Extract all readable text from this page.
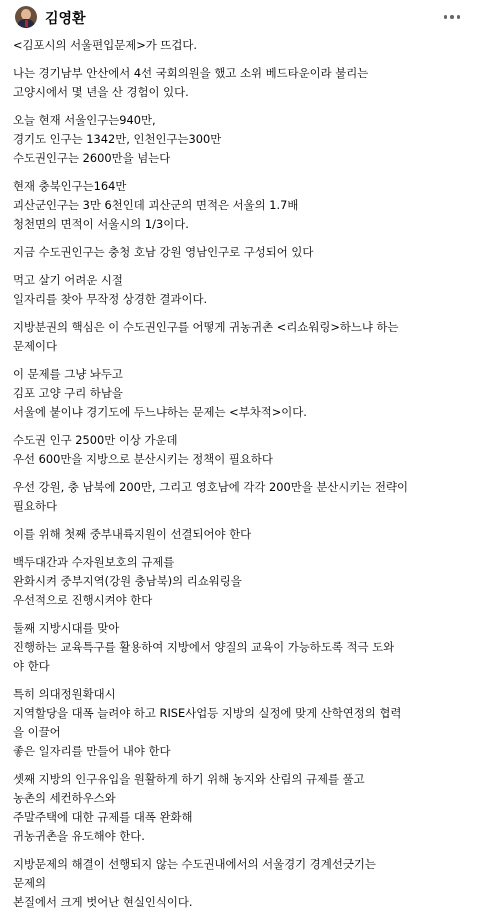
김영환
<김포시의 서울편입문제>가 뜨겁다.
나는 경기남부 안산에서 4선 국회의원을 했고 소위 베드타운이라 불리는
고양시에서 몇 년을 산 경험이 있다.
오늘 현재 서울인구는940만,
경기도 인구는 1342만, 인천인구는300만
수도권인구는 2600만을 넘는다
현재 충북인구는164만
괴산군인구는 3만 6천인데 괴산군의 면적은 서울의 1.7배
청천면의 면적이 서울시의 1/3이다.
지금 수도권인구는 충청 호남 강원 영남인구로 구성되어 있다
먹고 살기 어려운 시절
일자리를 찾아 무작정 상경한 결과이다.
지방분권의 핵심은 이 수도권인구를 어떻게 귀농귀촌 <리쇼워링>하느냐 하는
문제이다
이 문제를 그냥 놔두고
김포 고양 구리 하남을
서울에 붙이냐 경기도에 두느냐하는 문제는 <부차적>이다.
수도권 인구 2500만 이상 가운데
우선 600만을 지방으로 분산시키는 정책이 필요하다
우선 강원, 충 남북에 200만, 그리고 영호남에 각각 200만을 분산시키는 전략이
필요하다
이를 위해 첫째 중부내륙지원이 선결되어야 한다
백두대간과 수자원보호의 규제를
완화시켜 중부지역(강원 충남북)의 리쇼워링을
우선적으로 진행시켜야 한다
둘째 지방시대를 맞아
진행하는 교육특구를 활용하여 지방에서 양질의 교육이 가능하도록 적극 도와
야 한다
특히 의대정원확대시
지역할당을 대폭 늘려야 하고 RISE사업등 지방의 실정에 맞게 산학연정의 협력
을 이끌어
좋은 일자리를 만들어 내야 한다
셋째 지방의 인구유입을 원활하게 하기 위해 농지와 산림의 규제를 풀고
농촌의 세컨하우스와
주말주택에 대한 규제를 대폭 완화해
귀농귀촌을 유도해야 한다.
지방문제의 해결이 선행되지 않는 수도권내에서의 서울경기 경계선긋기는
문제의
본질에서 크게 벗어난 현실인식이다.
